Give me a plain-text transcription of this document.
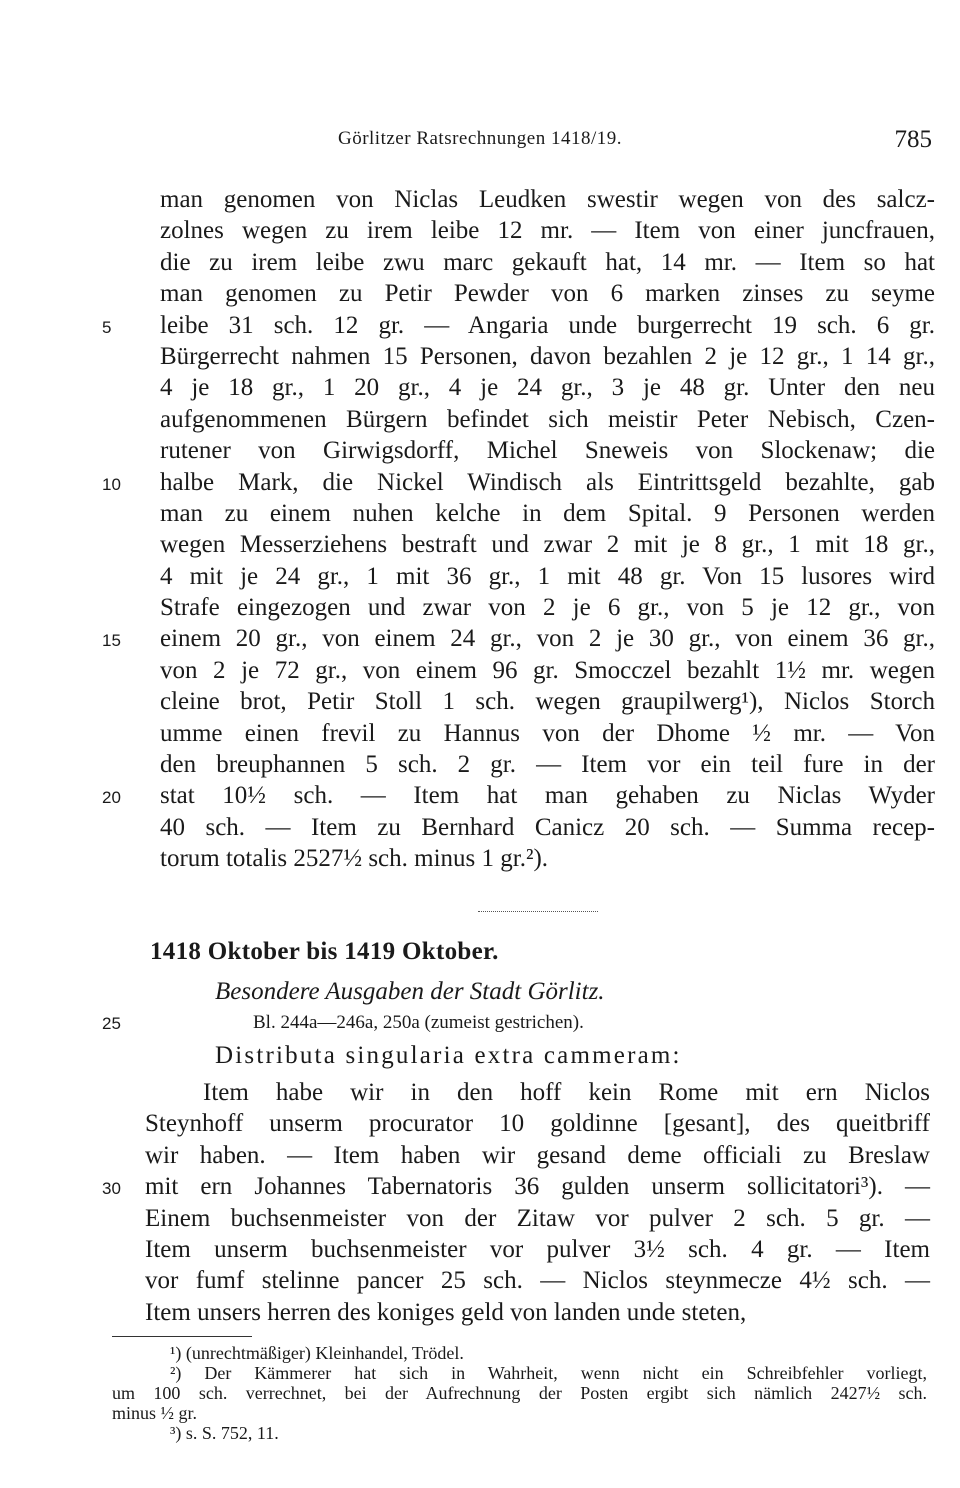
Görlitzer Ratsrechnungen 1418/19.	785
man genomen von Niclas Leudken swestir wegen von des salcz-
zolnes wegen zu irem leibe 12 mr. — Item von einer juncfrauen,
die zu irem leibe zwu marc gekauft hat, 14 mr. — Item so hat
man genomen zu Petir Pewder von 6 marken zinses zu seyme
leibe 31 sch. 12 gr. — Angaria unde burgerrecht 19 sch. 6 gr.
5
Bürgerrecht nahmen 15 Personen, davon bezahlen 2 je 12 gr., 1 14 gr.,
4 je 18 gr., 1 20 gr., 4 je 24 gr., 3 je 48 gr. Unter den neu
aufgenommenen Bürgern befindet sich meistir Peter Nebisch, Czen-
rutener von Girwigsdorff, Michel Sneweis von Slockenaw; die
halbe Mark, die Nickel Windisch als Eintrittsgeld bezahlte, gab
10
man zu einem nuhen kelche in dem Spital. 9 Personen werden
wegen Messerziehens bestraft und zwar 2 mit je 8 gr., 1 mit 18 gr.,
4 mit je 24 gr., 1 mit 36 gr., 1 mit 48 gr. Von 15 lusores wird
Strafe eingezogen und zwar von 2 je 6 gr., von 5 je 12 gr., von
einem 20 gr., von einem 24 gr., von 2 je 30 gr., von einem 36 gr.,
15
von 2 je 72 gr., von einem 96 gr. Smocczel bezahlt 1½ mr. wegen
cleine brot, Petir Stoll 1 sch. wegen graupilwerg¹), Niclos Storch
umme einen frevil zu Hannus von der Dhome ½ mr. — Von
den breuphannen 5 sch. 2 gr. — Item vor ein teil fure in der
stat 10½ sch. — Item hat man gehaben zu Niclas Wyder
20
40 sch. — Item zu Bernhard Canicz 20 sch. — Summa recep-
torum totalis 2527½ sch. minus 1 gr.²).
1418 Oktober bis 1419 Oktober.
Besondere Ausgaben der Stadt Görlitz.
25	Bl. 244a—246a, 250a (zumeist gestrichen).
Distributa singularia extra cammeram:
Item habe wir in den hoff kein Rome mit ern Niclos
Steynhoff unserm procurator 10 goldinne [gesant], des queitbriff
wir haben. — Item haben wir gesand deme officiali zu Breslaw
mit ern Johannes Tabernatoris 36 gulden unserm sollicitatori³). —
30
Einem buchsenmeister von der Zitaw vor pulver 2 sch. 5 gr. —
Item unserm buchsenmeister vor pulver 3½ sch. 4 gr. — Item
vor fumf stelinne pancer 25 sch. — Niclos steynmecze 4½ sch. —
Item unsers herren des koniges geld von landen unde steten,
¹) (unrechtmäßiger) Kleinhandel, Trödel.
²) Der Kämmerer hat sich in Wahrheit, wenn nicht ein Schreibfehler vorliegt,
um 100 sch. verrechnet, bei der Aufrechnung der Posten ergibt sich nämlich 2427½ sch.
minus ½ gr.
³) s. S. 752, 11.
